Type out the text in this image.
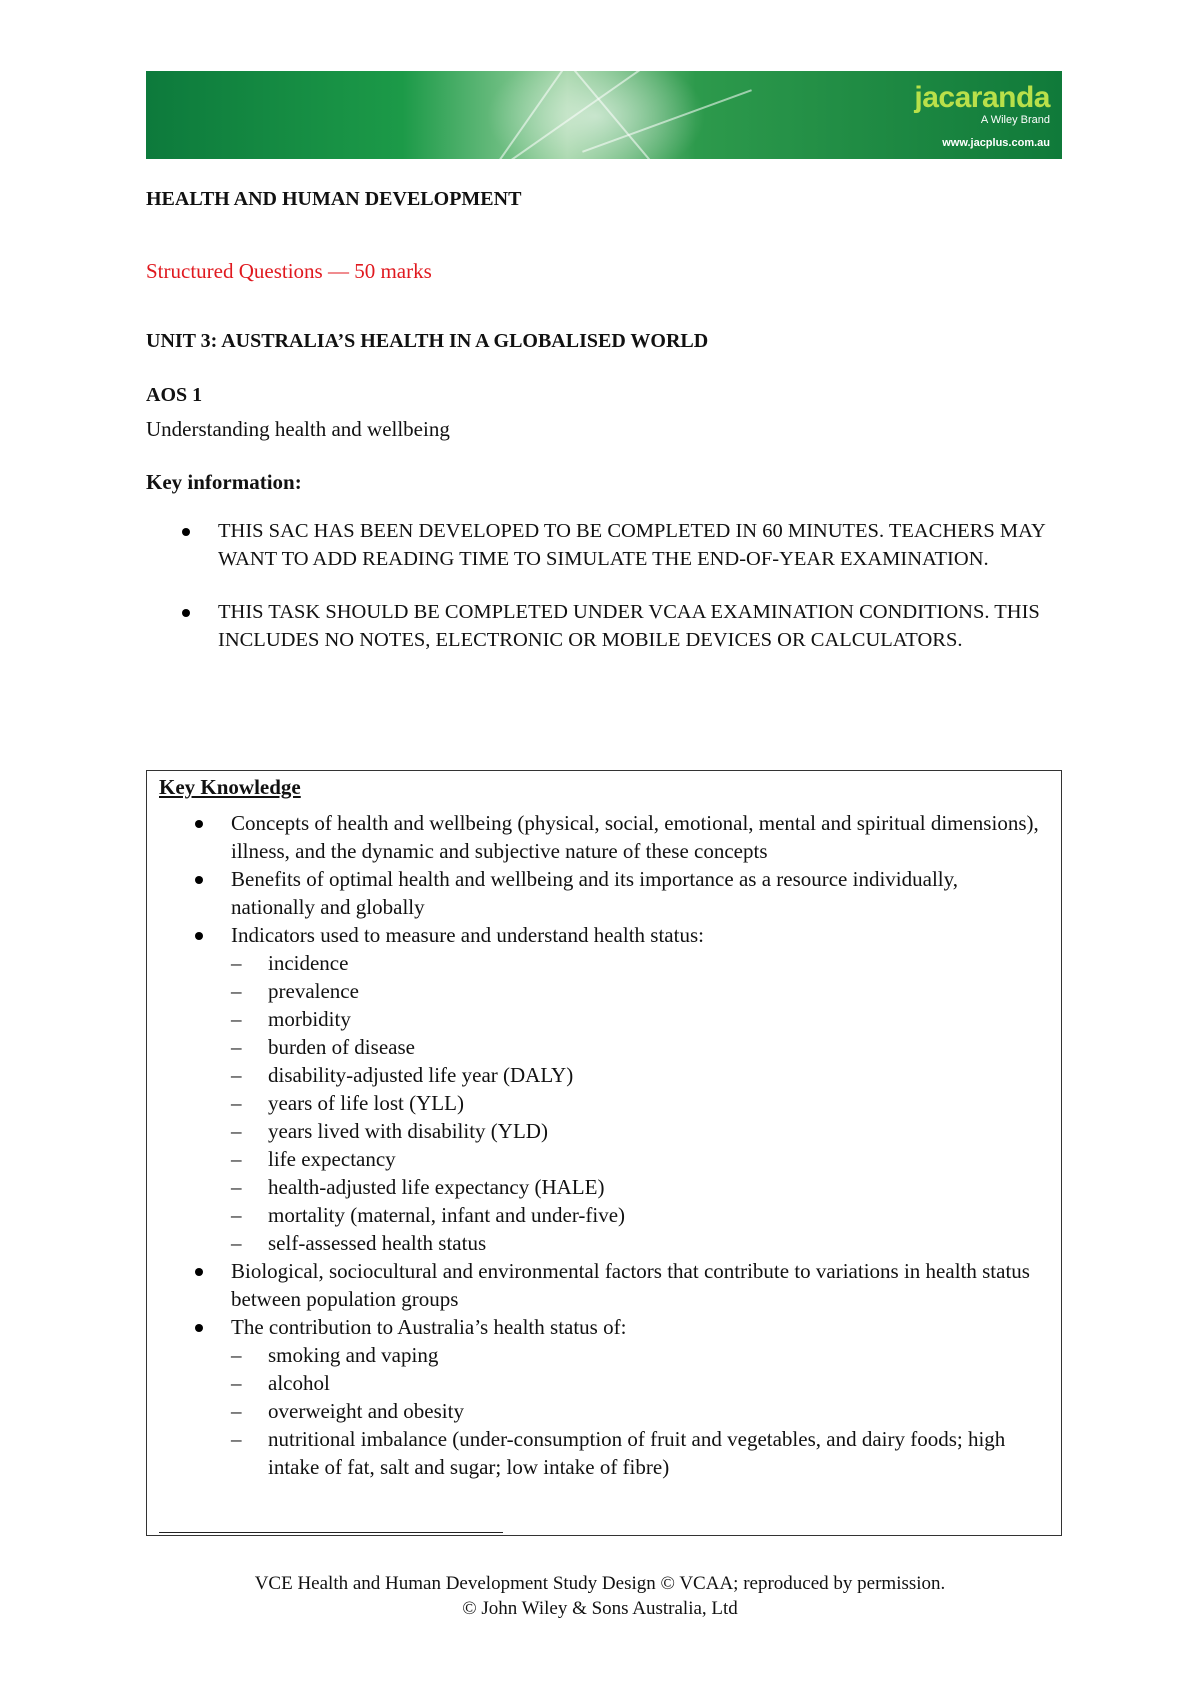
jacaranda
A Wiley Brand
www.jacplus.com.au
HEALTH AND HUMAN DEVELOPMENT

Structured Questions — 50 marks

UNIT 3: AUSTRALIA’S HEALTH IN A GLOBALISED WORLD
AOS 1

Understanding health and wellbeing

Key information:

THIS SAC HAS BEEN DEVELOPED TO BE COMPLETED IN 60 MINUTES. TEACHERS MAY WANT TO ADD READING TIME TO SIMULATE THE END-OF-YEAR EXAMINATION.
THIS TASK SHOULD BE COMPLETED UNDER VCAA EXAMINATION CONDITIONS. THIS INCLUDES NO NOTES, ELECTRONIC OR MOBILE DEVICES OR CALCULATORS.

Key Knowledge

Concepts of health and wellbeing (physical, social, emotional, mental and spiritual dimensions), illness, and the dynamic and subjective nature of these concepts
Benefits of optimal health and wellbeing and its importance as a resource individually, nationally and globally
Indicators used to measure and understand health status:
– incidence
– prevalence
– morbidity
– burden of disease
– disability-adjusted life year (DALY)
– years of life lost (YLL)
– years lived with disability (YLD)
– life expectancy
– health-adjusted life expectancy (HALE)
– mortality (maternal, infant and under-five)
– self-assessed health status
Biological, sociocultural and environmental factors that contribute to variations in health status between population groups
The contribution to Australia’s health status of:
– smoking and vaping
– alcohol
– overweight and obesity
– nutritional imbalance (under-consumption of fruit and vegetables, and dairy foods; high intake of fat, salt and sugar; low intake of fibre)

VCE Health and Human Development Study Design © VCAA; reproduced by permission.

© John Wiley & Sons Australia, Ltd
